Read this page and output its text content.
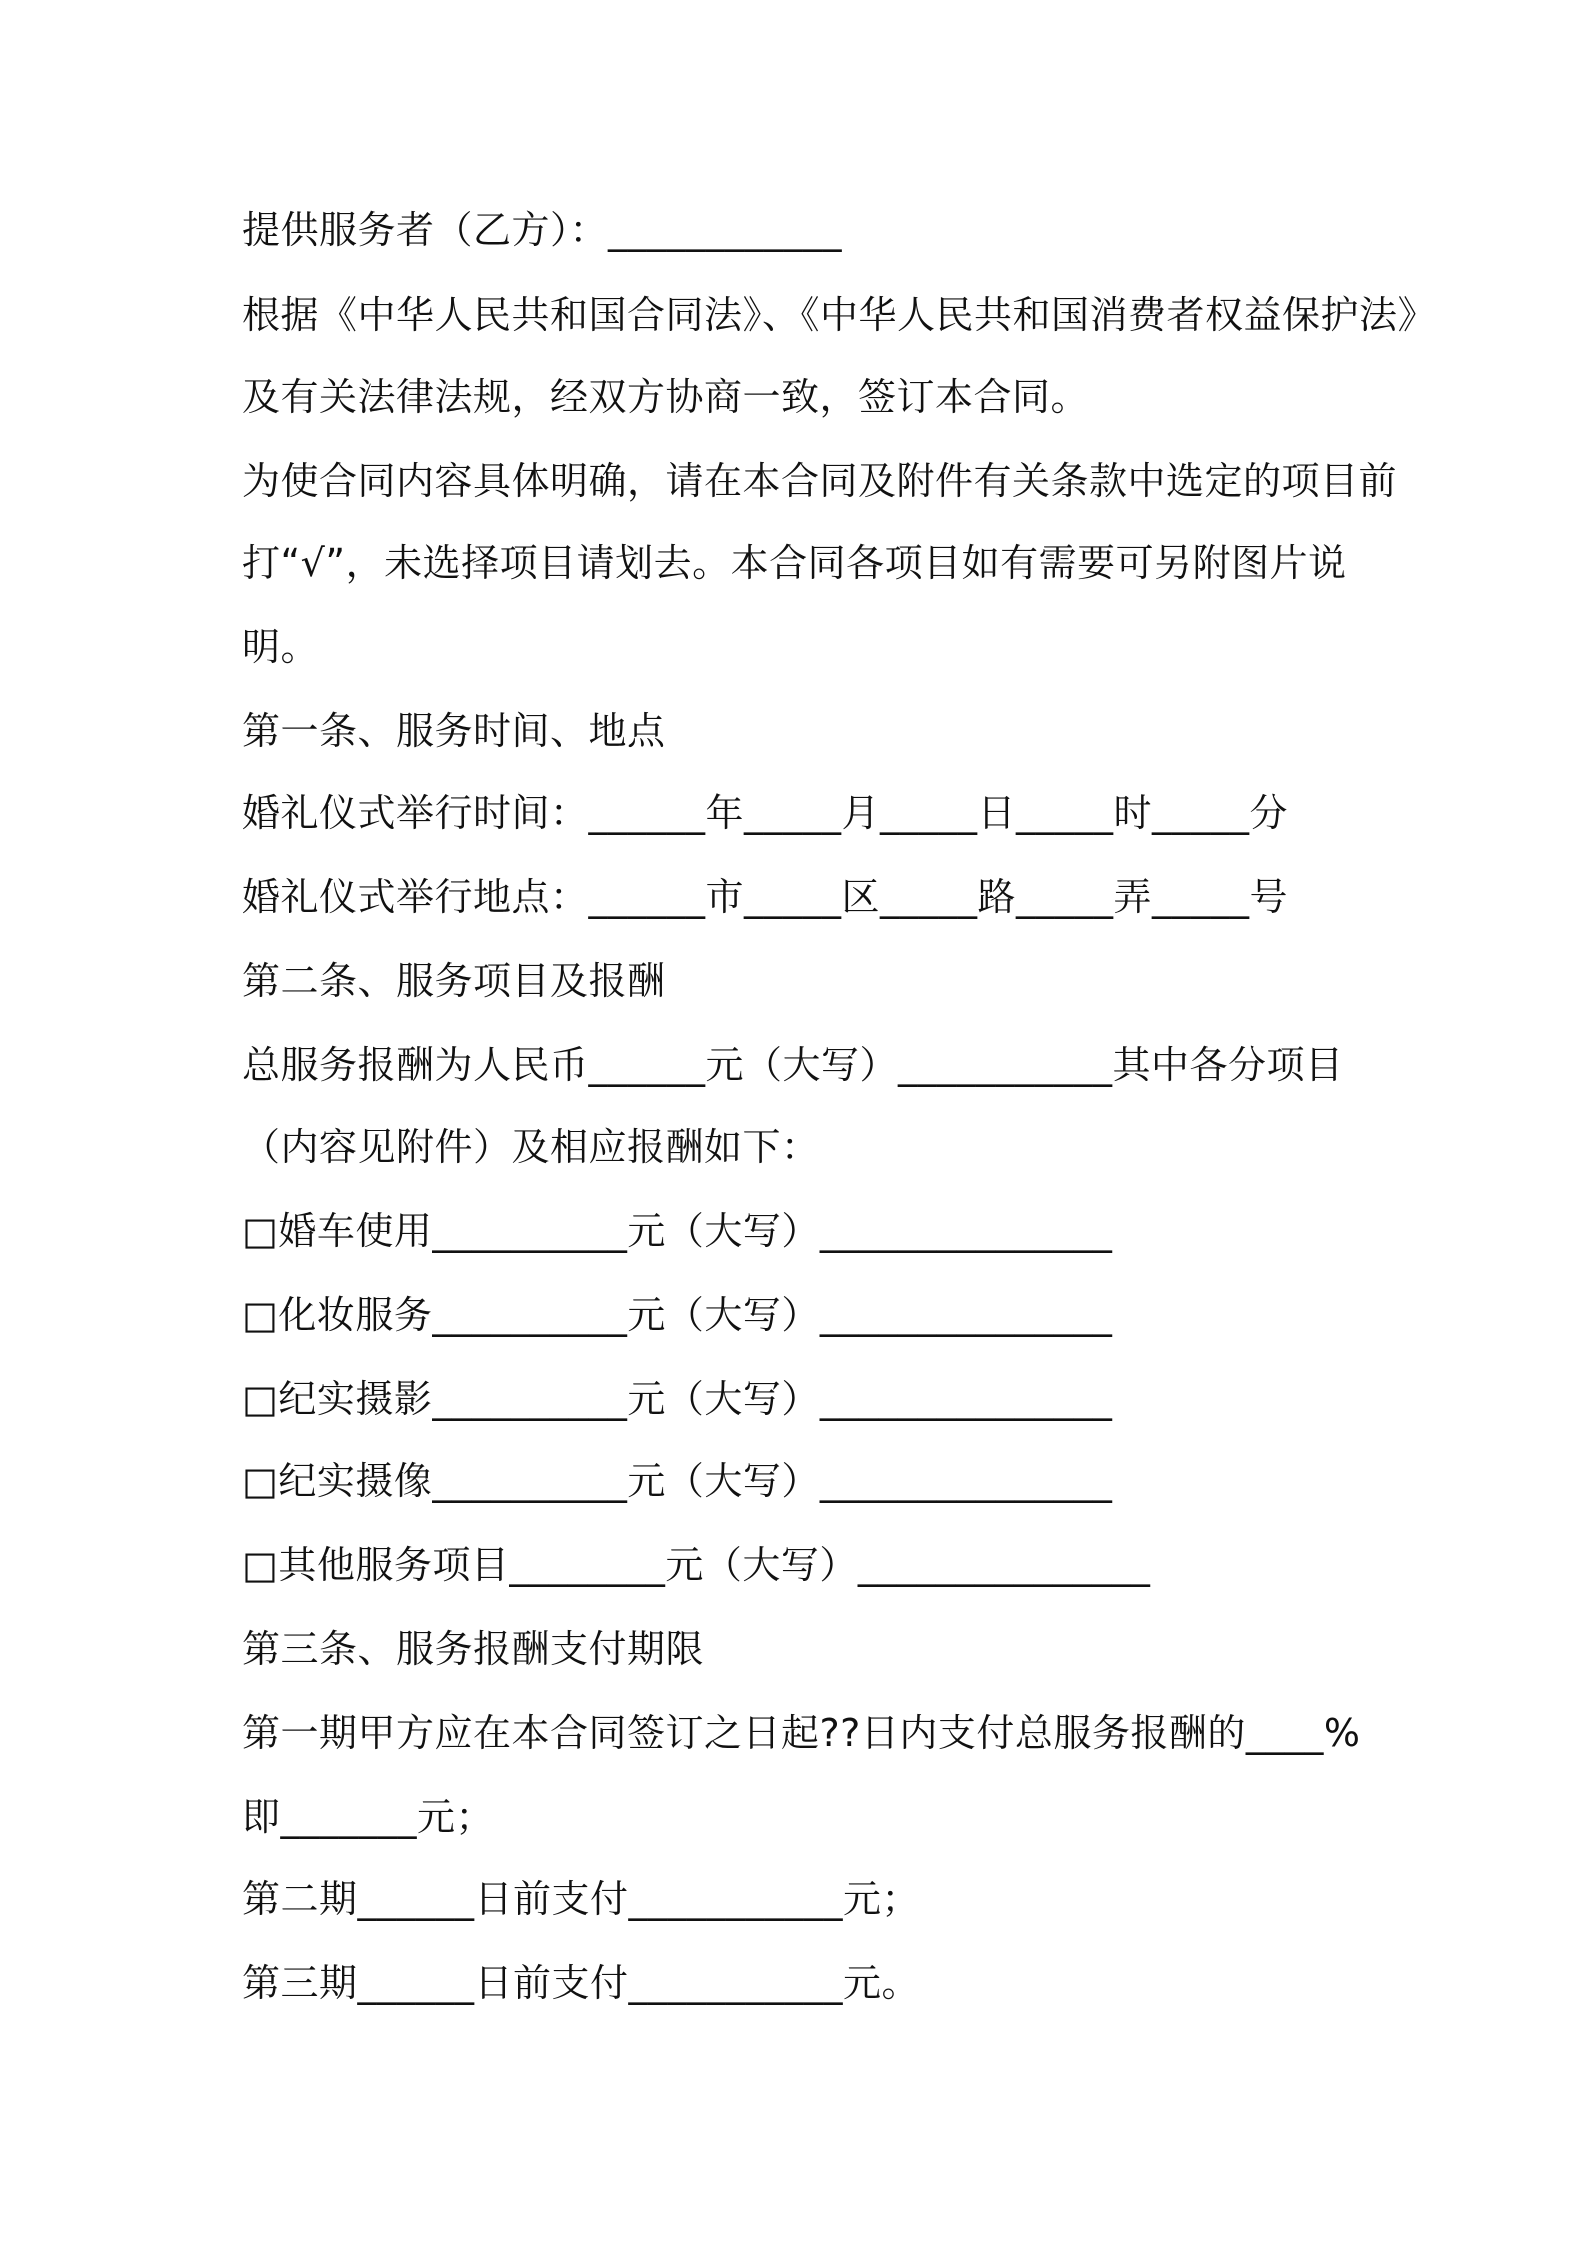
提供服务者（乙方）：____________
根据《中华人民共和国合同法》、《中华人民共和国消费者权益保护法》
及有关法律法规，经双方协商一致，签订本合同。
为使合同内容具体明确，请在本合同及附件有关条款中选定的项目前
打“√”，未选择项目请划去。本合同各项目如有需要可另附图片说
明。
第一条、服务时间、地点
婚礼仪式举行时间：______年_____月_____日_____时_____分
婚礼仪式举行地点：______市_____区_____路_____弄_____号
第二条、服务项目及报酬
总服务报酬为人民币______元（大写）___________其中各分项目
（内容见附件）及相应报酬如下：
□婚车使用__________元（大写）_______________
□化妆服务__________元（大写）_______________
□纪实摄影__________元（大写）_______________
□纪实摄像__________元（大写）_______________
□其他服务项目________元（大写）_______________
第三条、服务报酬支付期限
第一期甲方应在本合同签订之日起??日内支付总服务报酬的____%
即_______元；
第二期______日前支付___________元；
第三期______日前支付___________元。
